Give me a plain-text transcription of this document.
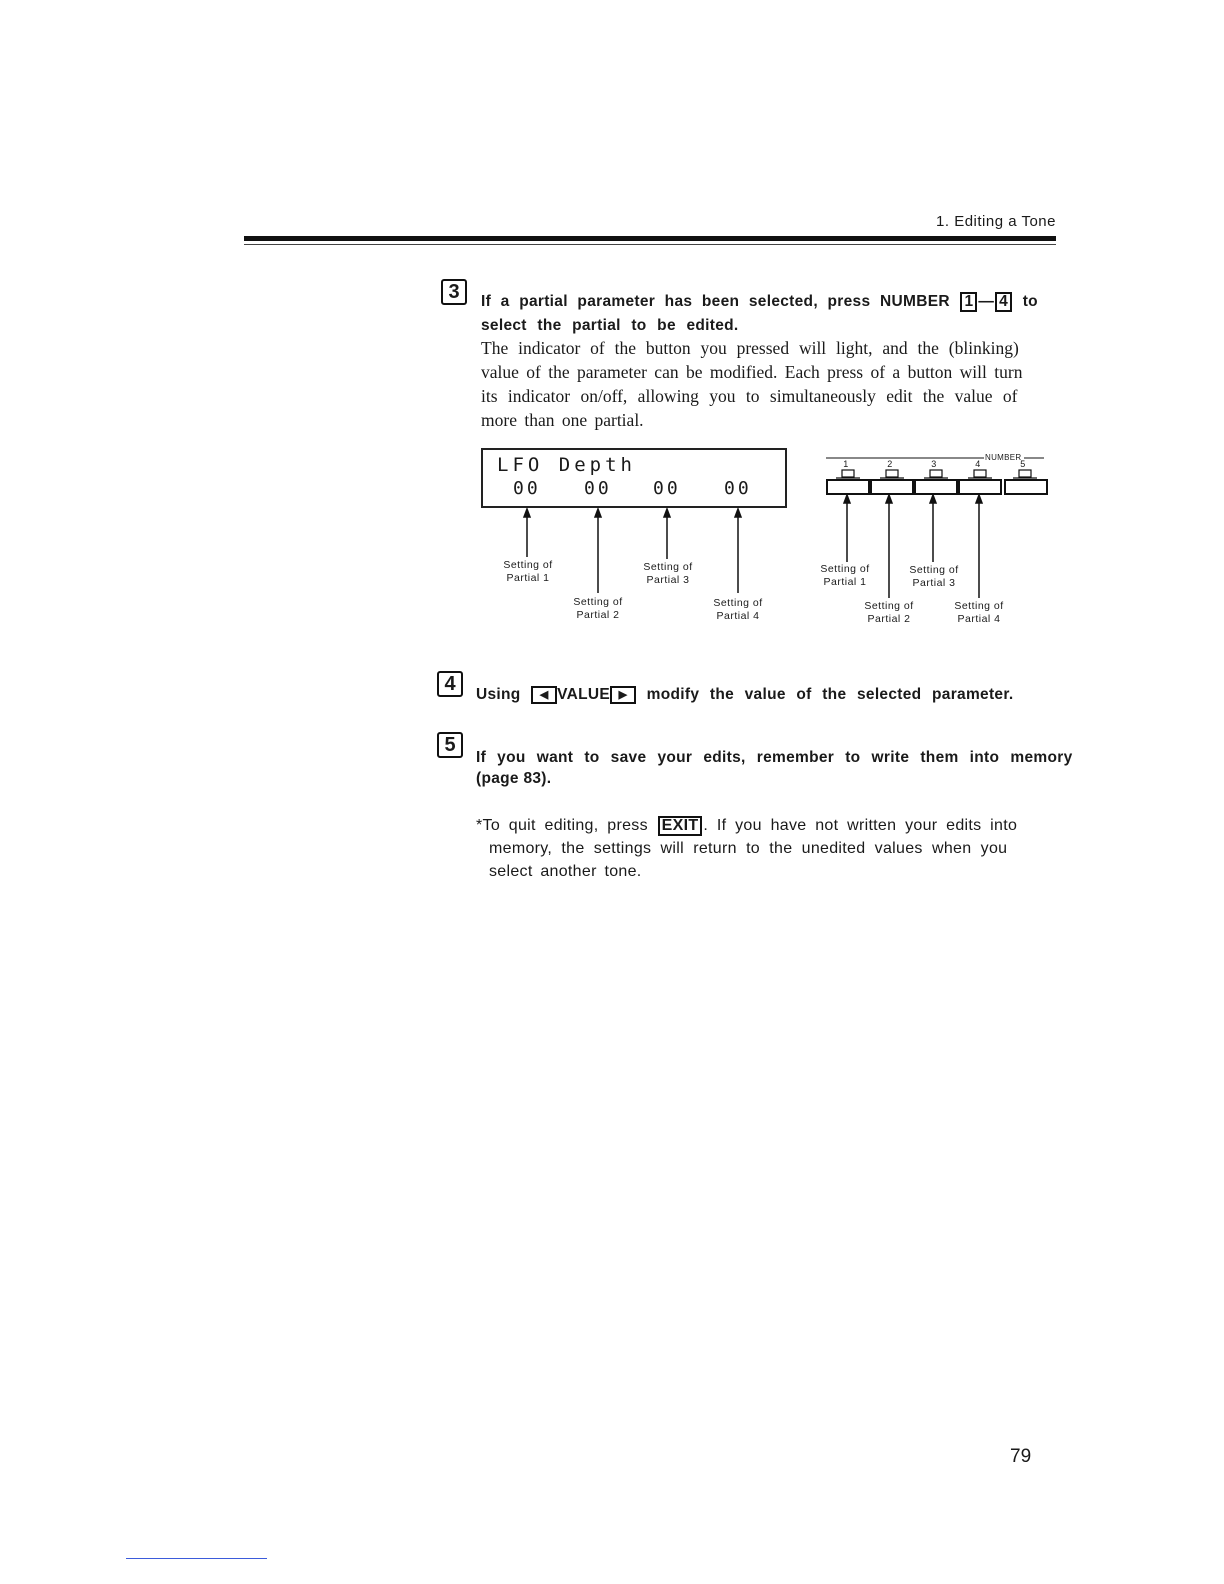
1. Editing a Tone
3	If a partial parameter has been selected, press NUMBER 1 — 4 to
select the partial to be edited.
The indicator of the button you pressed will light, and the (blinking)
value of the parameter can be modified. Each press of a button will turn
its indicator on/off, allowing you to simultaneously edit the value of
more than one partial.
LFO Depth
00 00 00 00
Setting of
Partial 1
Setting of
Partial 2
Setting of
Partial 3
Setting of
Partial 4
NUMBER
1	2	3	4	5
Setting of
Partial 1
Setting of
Partial 2
Setting of
Partial 3
Setting of
Partial 4
4	Using ◀ VALUE ▶ modify the value of the selected parameter.
5
If you want to save your edits, remember to write them into memory
(page 83).
*To quit editing, press EXIT . If you have not written your edits into
memory, the settings will return to the unedited values when you
select another tone.
79
